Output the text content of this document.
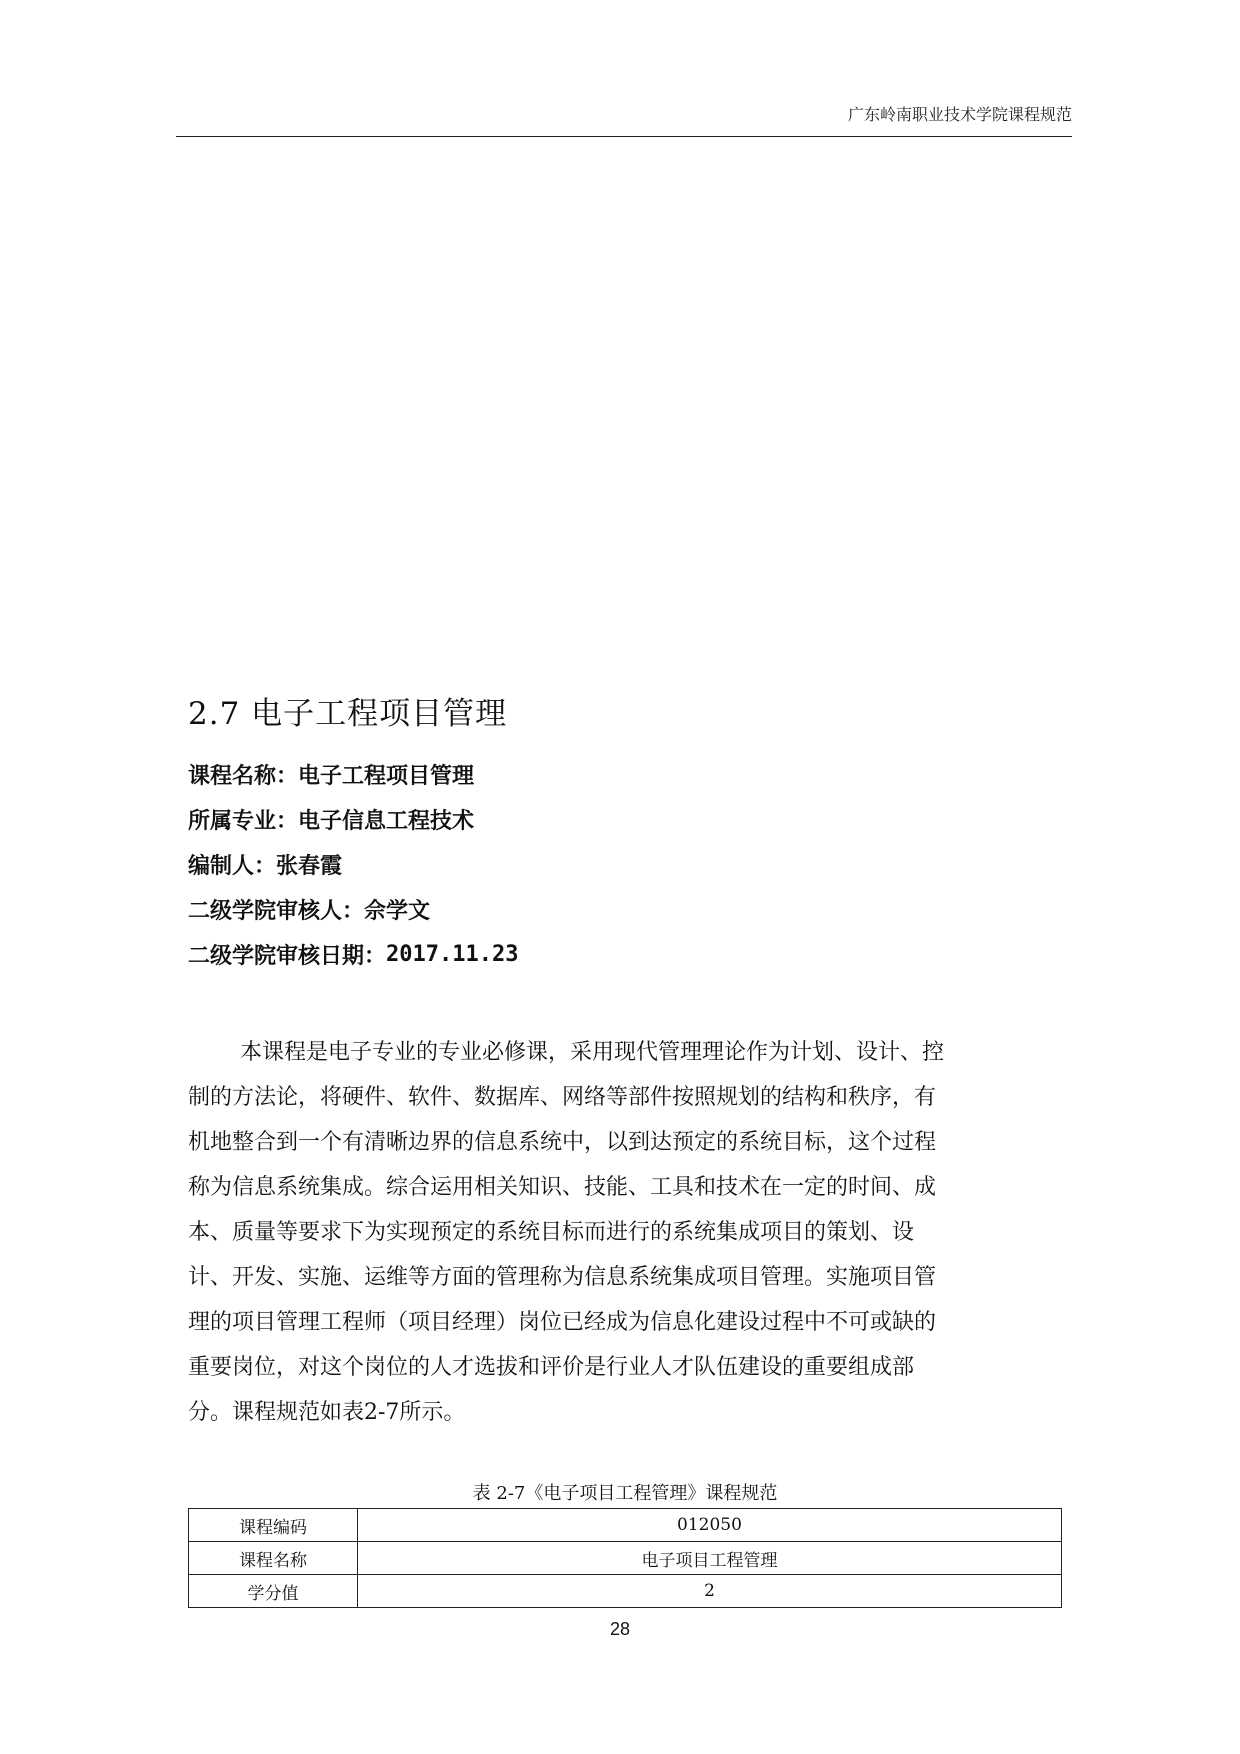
广东岭南职业技术学院课程规范
2.7 电子工程项目管理
课程名称： 电子工程项目管理
所属专业： 电子信息工程技术
编制人： 张春霞
二级学院审核人： 佘学文
二级学院审核日期： 2017.11.23
本课程是电子专业的专业必修课，采用现代管理理论作为计划、设计、控
制的方法论，将硬件、软件、数据库、网络等部件按照规划的结构和秩序，有
机地整合到一个有清晰边界的信息系统中，以到达预定的系统目标，这个过程
称为信息系统集成。综合运用相关知识、技能、工具和技术在一定的时间、成
本、质量等要求下为实现预定的系统目标而进行的系统集成项目的策划、设
计、开发、实施、运维等方面的管理称为信息系统集成项目管理。实施项目管
理的项目管理工程师（项目经理）岗位已经成为信息化建设过程中不可或缺的
重要岗位，对这个岗位的人才选拔和评价是行业人才队伍建设的重要组成部
分。课程规范如表2-7所示。
表 2-7《电子项目工程管理》课程规范
课程编码	012050
课程名称	电子项目工程管理
学分值	2
28
